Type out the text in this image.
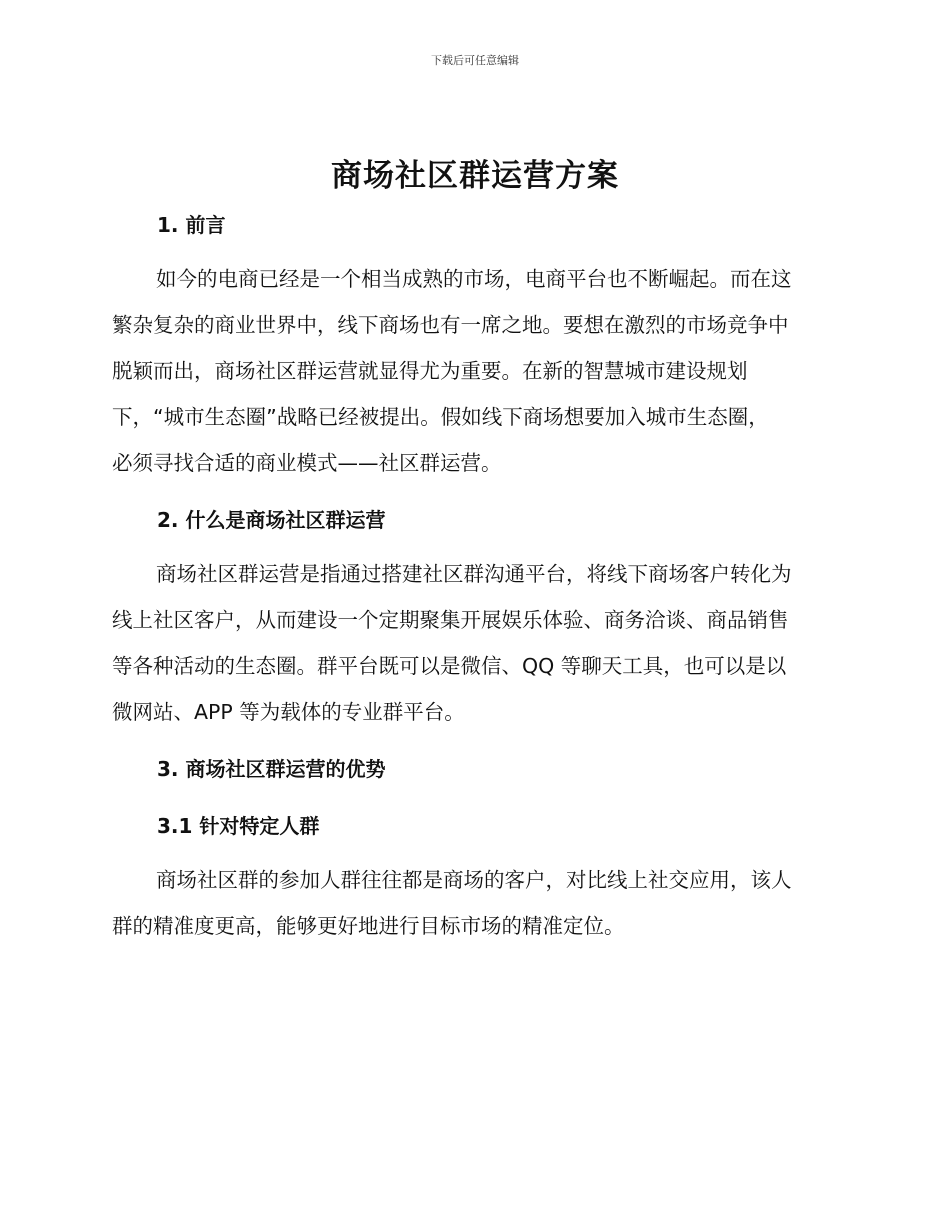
下载后可任意编辑
商场社区群运营方案
1. 前言
如今的电商已经是一个相当成熟的市场，电商平台也不断崛起。而在这
繁杂复杂的商业世界中，线下商场也有一席之地。要想在激烈的市场竞争中
脱颖而出，商场社区群运营就显得尤为重要。在新的智慧城市建设规划
下，“城市生态圈”战略已经被提出。假如线下商场想要加入城市生态圈，
必须寻找合适的商业模式——社区群运营。
2. 什么是商场社区群运营
商场社区群运营是指通过搭建社区群沟通平台，将线下商场客户转化为
线上社区客户，从而建设一个定期聚集开展娱乐体验、商务洽谈、商品销售
等各种活动的生态圈。群平台既可以是微信、QQ 等聊天工具，也可以是以
微网站、APP 等为载体的专业群平台。
3. 商场社区群运营的优势
3.1 针对特定人群
商场社区群的参加人群往往都是商场的客户，对比线上社交应用，该人
群的精准度更高，能够更好地进行目标市场的精准定位。
